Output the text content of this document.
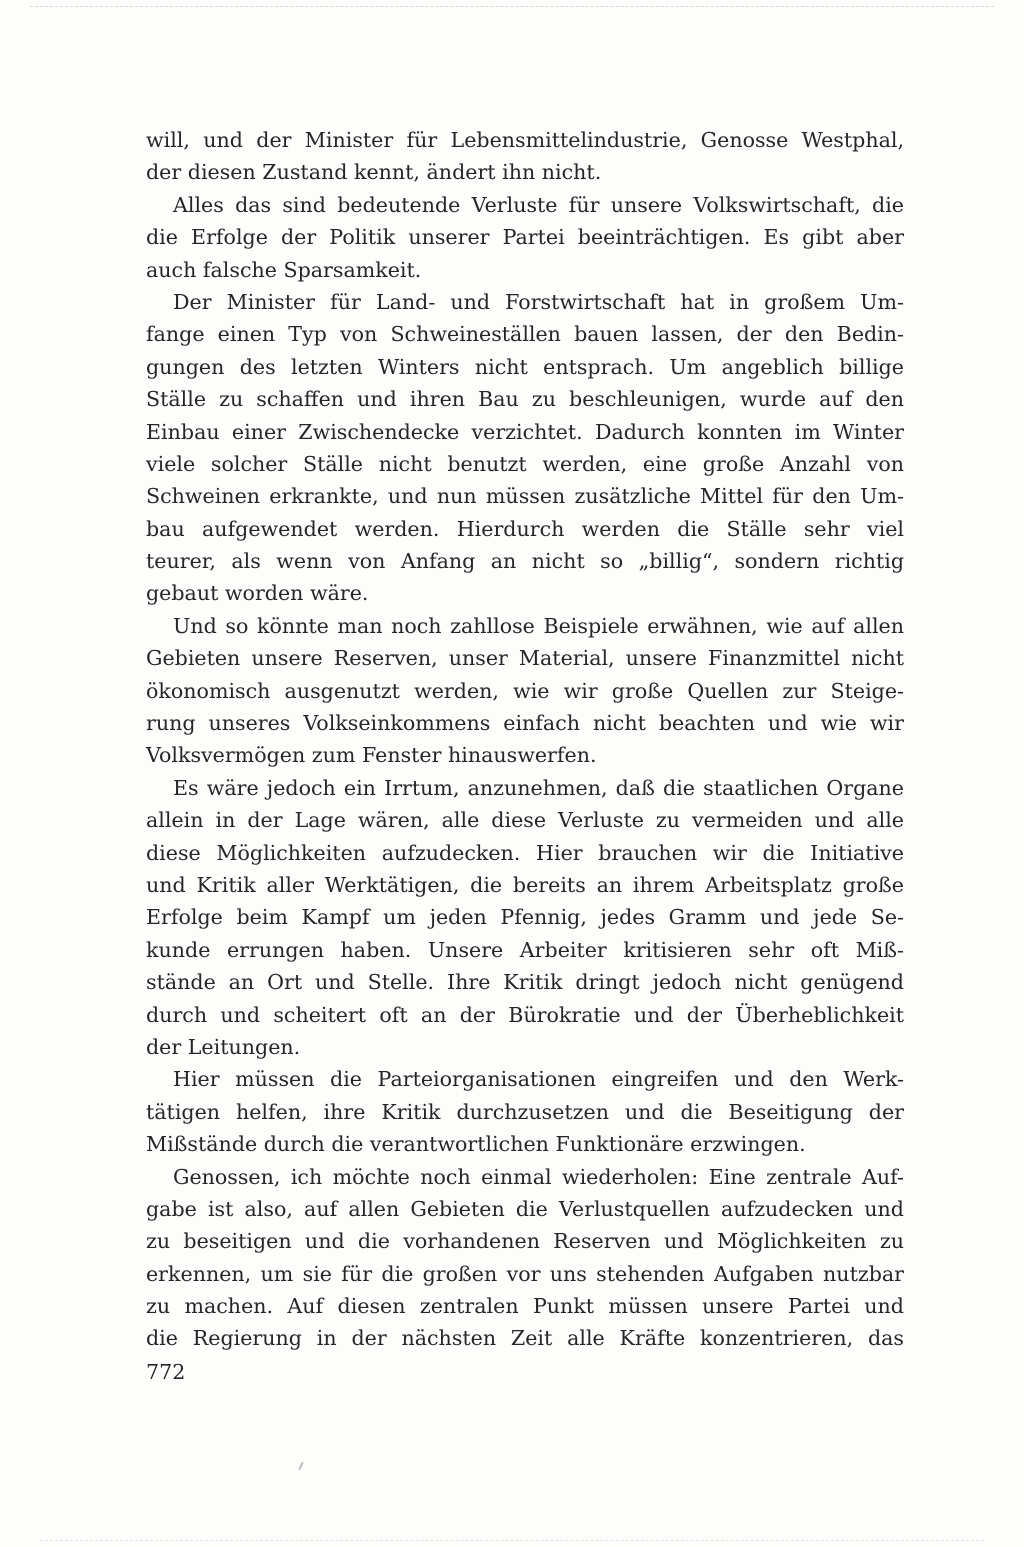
will, und der Minister für Lebensmittelindustrie, Genosse Westphal,
der diesen Zustand kennt, ändert ihn nicht.
Alles das sind bedeutende Verluste für unsere Volkswirtschaft, die
die Erfolge der Politik unserer Partei beeinträchtigen. Es gibt aber
auch falsche Sparsamkeit.
Der Minister für Land- und Forstwirtschaft hat in großem Um-
fange einen Typ von Schweineställen bauen lassen, der den Bedin-
gungen des letzten Winters nicht entsprach. Um angeblich billige
Ställe zu schaffen und ihren Bau zu beschleunigen, wurde auf den
Einbau einer Zwischendecke verzichtet. Dadurch konnten im Winter
viele solcher Ställe nicht benutzt werden, eine große Anzahl von
Schweinen erkrankte, und nun müssen zusätzliche Mittel für den Um-
bau aufgewendet werden. Hierdurch werden die Ställe sehr viel
teurer, als wenn von Anfang an nicht so „billig“, sondern richtig
gebaut worden wäre.
Und so könnte man noch zahllose Beispiele erwähnen, wie auf allen
Gebieten unsere Reserven, unser Material, unsere Finanzmittel nicht
ökonomisch ausgenutzt werden, wie wir große Quellen zur Steige-
rung unseres Volkseinkommens einfach nicht beachten und wie wir
Volksvermögen zum Fenster hinauswerfen.
Es wäre jedoch ein Irrtum, anzunehmen, daß die staatlichen Organe
allein in der Lage wären, alle diese Verluste zu vermeiden und alle
diese Möglichkeiten aufzudecken. Hier brauchen wir die Initiative
und Kritik aller Werktätigen, die bereits an ihrem Arbeitsplatz große
Erfolge beim Kampf um jeden Pfennig, jedes Gramm und jede Se-
kunde errungen haben. Unsere Arbeiter kritisieren sehr oft Miß-
stände an Ort und Stelle. Ihre Kritik dringt jedoch nicht genügend
durch und scheitert oft an der Bürokratie und der Überheblichkeit
der Leitungen.
Hier müssen die Parteiorganisationen eingreifen und den Werk-
tätigen helfen, ihre Kritik durchzusetzen und die Beseitigung der
Mißstände durch die verantwortlichen Funktionäre erzwingen.
Genossen, ich möchte noch einmal wiederholen: Eine zentrale Auf-
gabe ist also, auf allen Gebieten die Verlustquellen aufzudecken und
zu beseitigen und die vorhandenen Reserven und Möglichkeiten zu
erkennen, um sie für die großen vor uns stehenden Aufgaben nutzbar
zu machen. Auf diesen zentralen Punkt müssen unsere Partei und
die Regierung in der nächsten Zeit alle Kräfte konzentrieren, das
772
